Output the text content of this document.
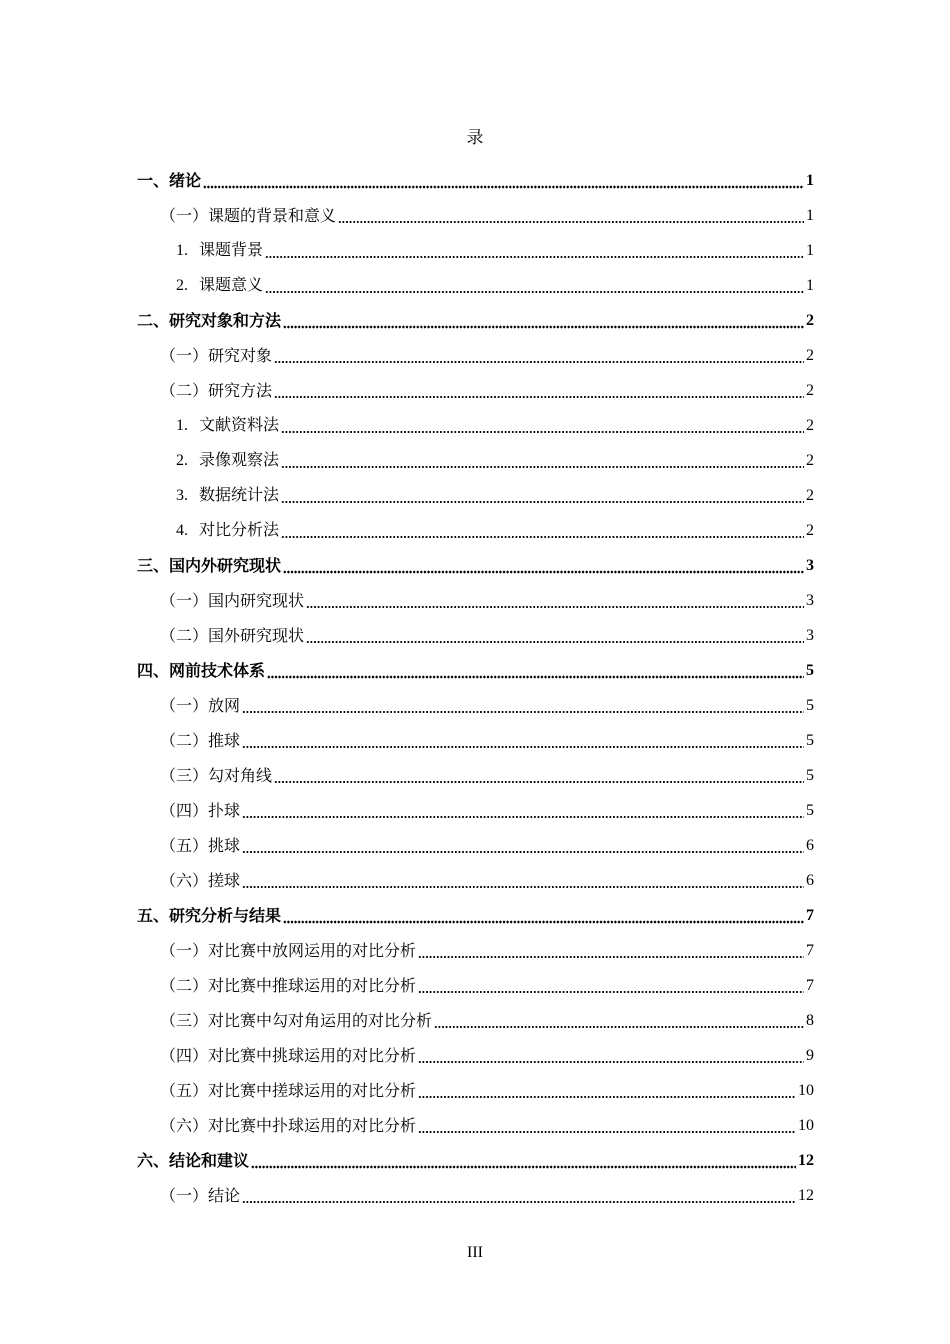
录
一、绪论	1
（一）课题的背景和意义	1
1. 课题背景	1
2. 课题意义	1
二、研究对象和方法	2
（一）研究对象	2
（二）研究方法	2
1. 文献资料法	2
2. 录像观察法	2
3. 数据统计法	2
4. 对比分析法	2
三、国内外研究现状	3
（一）国内研究现状	3
（二）国外研究现状	3
四、网前技术体系	5
（一）放网	5
（二）推球	5
（三）勾对角线	5
（四）扑球	5
（五）挑球	6
（六）搓球	6
五、研究分析与结果	7
（一）对比赛中放网运用的对比分析	7
（二）对比赛中推球运用的对比分析	7
（三）对比赛中勾对角运用的对比分析	8
（四）对比赛中挑球运用的对比分析	9
（五）对比赛中搓球运用的对比分析	10
（六）对比赛中扑球运用的对比分析	10
六、结论和建议	12
（一）结论	12
III
